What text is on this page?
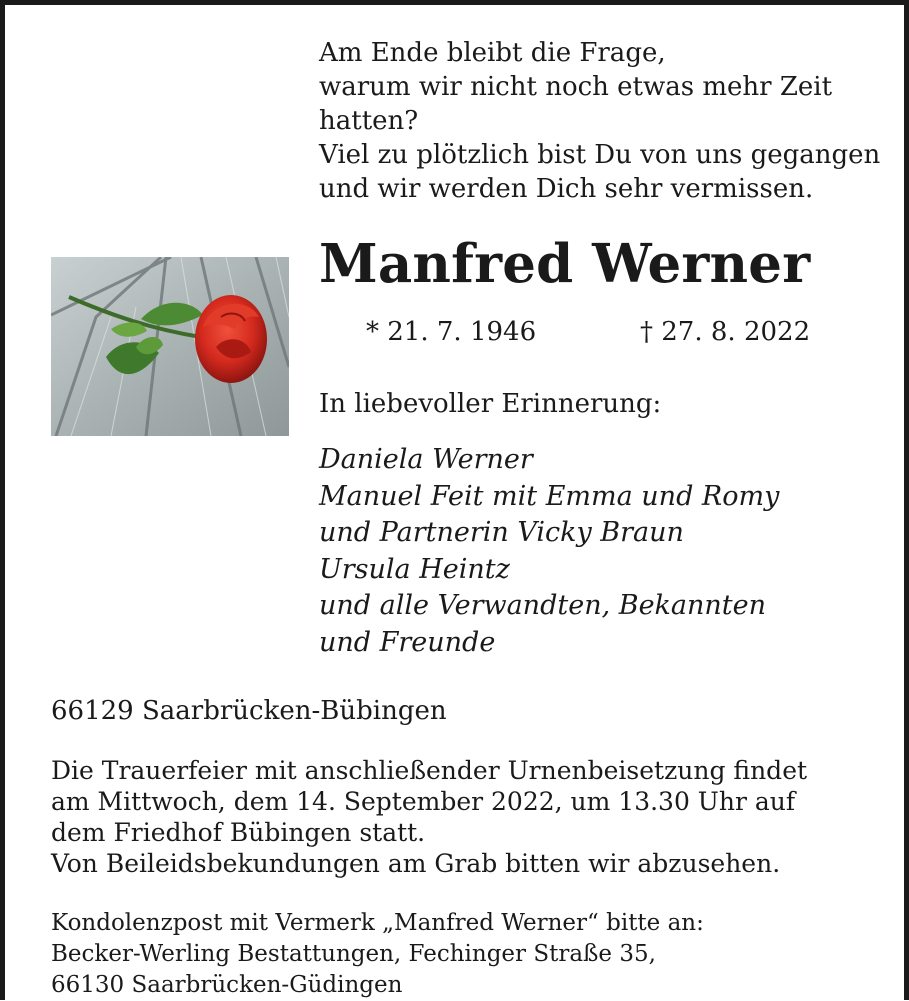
Am Ende bleibt die Frage,
warum wir nicht noch etwas mehr Zeit
hatten?
Viel zu plötzlich bist Du von uns gegangen
und wir werden Dich sehr vermissen.
Manfred Werner
* 21. 7. 1946	† 27. 8. 2022
In liebevoller Erinnerung:
Daniela Werner
Manuel Feit mit Emma und Romy
und Partnerin Vicky Braun
Ursula Heintz
und alle Verwandten, Bekannten
und Freunde
66129 Saarbrücken-Bübingen
Die Trauerfeier mit anschließender Urnenbeisetzung findet
am Mittwoch, dem 14. September 2022, um 13.30 Uhr auf
dem Friedhof Bübingen statt.
Von Beileidsbekundungen am Grab bitten wir abzusehen.
Kondolenzpost mit Vermerk „Manfred Werner“ bitte an:
Becker-Werling Bestattungen, Fechinger Straße 35,
66130 Saarbrücken-Güdingen
